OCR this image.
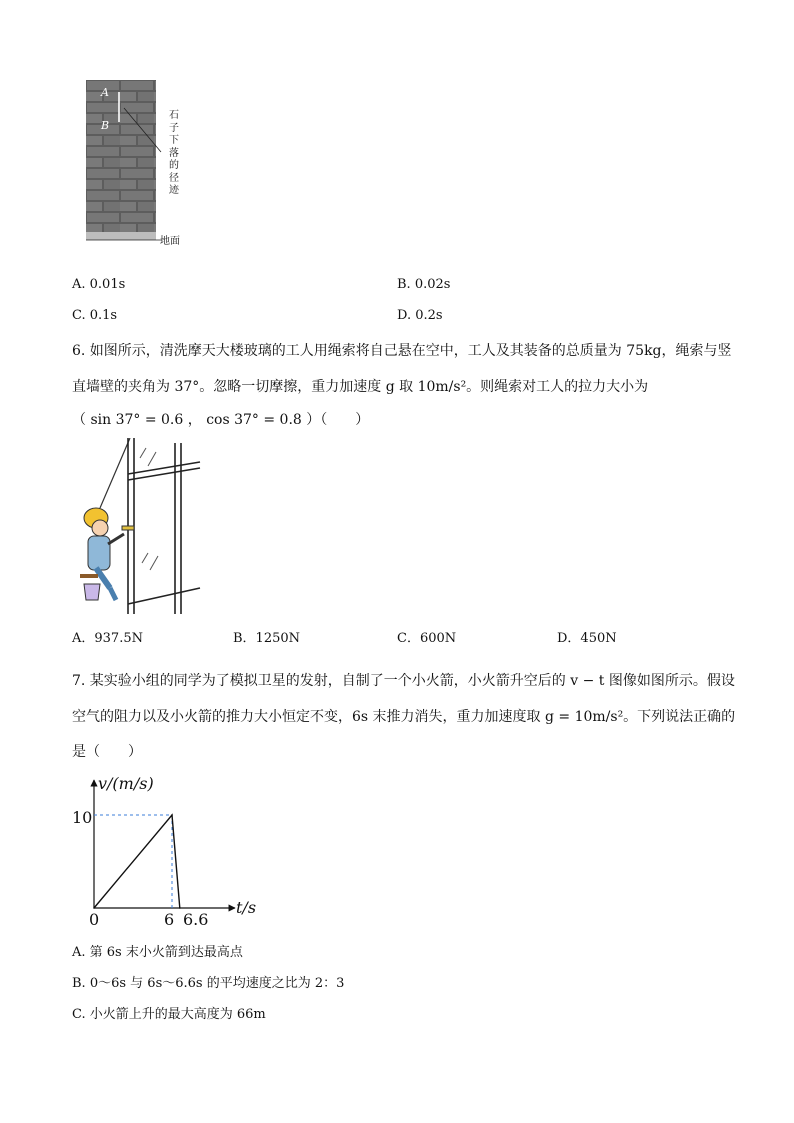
A
B
石
子
下
落
的
径
迹
地面
A. 0.01s	B. 0.02s
C. 0.1s	D. 0.2s
6. 如图所示，清洗摩天大楼玻璃的工人用绳索将自己悬在空中，工人及其装备的总质量为 75kg，绳索与竖
直墙壁的夹角为 37°。忽略一切摩擦，重力加速度 g 取 10m/s²。则绳索对工人的拉力大小为
（ sin 37° = 0.6 ， cos 37° = 0.8 ）（　　）
A．937.5N	B．1250N	C．600N	D．450N
7. 某实验小组的同学为了模拟卫星的发射，自制了一个小火箭，小火箭升空后的 v − t 图像如图所示。假设
空气的阻力以及小火箭的推力大小恒定不变，6s 末推力消失，重力加速度取 g = 10m/s²。下列说法正确的
是（　　）
v/(m/s)
t/s
10
0	6 6.6
A. 第 6s 末小火箭到达最高点
B. 0～6s 与 6s～6.6s 的平均速度之比为 2：3
C. 小火箭上升的最大高度为 66m
